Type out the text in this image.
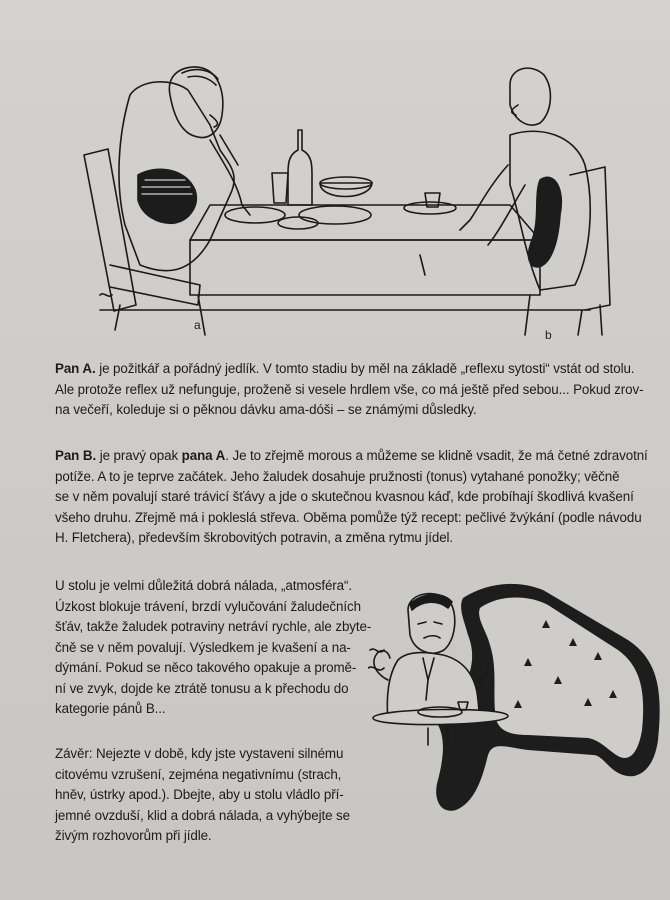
a
b

Pan A. je požitkář a pořádný jedlík. V tomto stadiu by měl na základě „reflexu sytosti“ vstát od stolu.

Ale protože reflex už nefunguje, proženě si vesele hrdlem vše, co má ještě před sebou... Pokud zrov-

na večeří, koleduje si o pěknou dávku ama-dóši – se známými důsledky.

Pan B. je pravý opak pana A. Je to zřejmě morous a můžeme se klidně vsadit, že má četné zdravotní

potíže. A to je teprve začátek. Jeho žaludek dosahuje pružnosti (tonus) vytahané ponožky; věčně

se v něm povalují staré trávicí šťávy a jde o skutečnou kvasnou káď, kde probíhají škodlivá kvašení

všeho druhu. Zřejmě má i pokleslá střeva. Oběma pomůže týž recept: pečlivé žvýkání (podle návodu

H. Fletchera), především škrobovitých potravin, a změna rytmu jídel.

U stolu je velmi důležitá dobrá nálada, „atmosféra“.

Úzkost blokuje trávení, brzdí vylučování žaludečních

šťáv, takže žaludek potraviny netráví rychle, ale zbyte-

čně se v něm povalují. Výsledkem je kvašení a na-

dýmání. Pokud se něco takového opakuje a promě-

ní ve zvyk, dojde ke ztrátě tonusu a k přechodu do

kategorie pánů B...

Závěr: Nejezte v době, kdy jste vystaveni silnému

citovému vzrušení, zejména negativnímu (strach,

hněv, ústrky apod.). Dbejte, aby u stolu vládlo pří-

jemné ovzduší, klid a dobrá nálada, a vyhýbejte se

živým rozhovorům při jídle.
